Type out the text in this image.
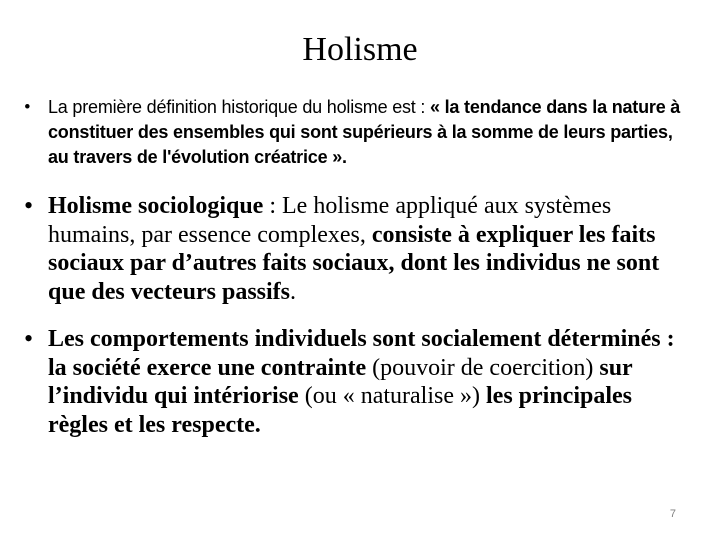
Holisme
• La première définition historique du holisme est : « la tendance dans la nature à constituer des ensembles qui sont supérieurs à la somme de leurs parties, au travers de l'évolution créatrice ».

• Holisme sociologique : Le holisme appliqué aux systèmes humains, par essence complexes, consiste à expliquer les faits sociaux par d’autres faits sociaux, dont les individus ne sont que des vecteurs passifs.

• Les comportements individuels sont socialement déterminés : la société exerce une contrainte (pouvoir de coercition) sur l’individu qui intériorise (ou « naturalise ») les principales règles et les respecte.

7
